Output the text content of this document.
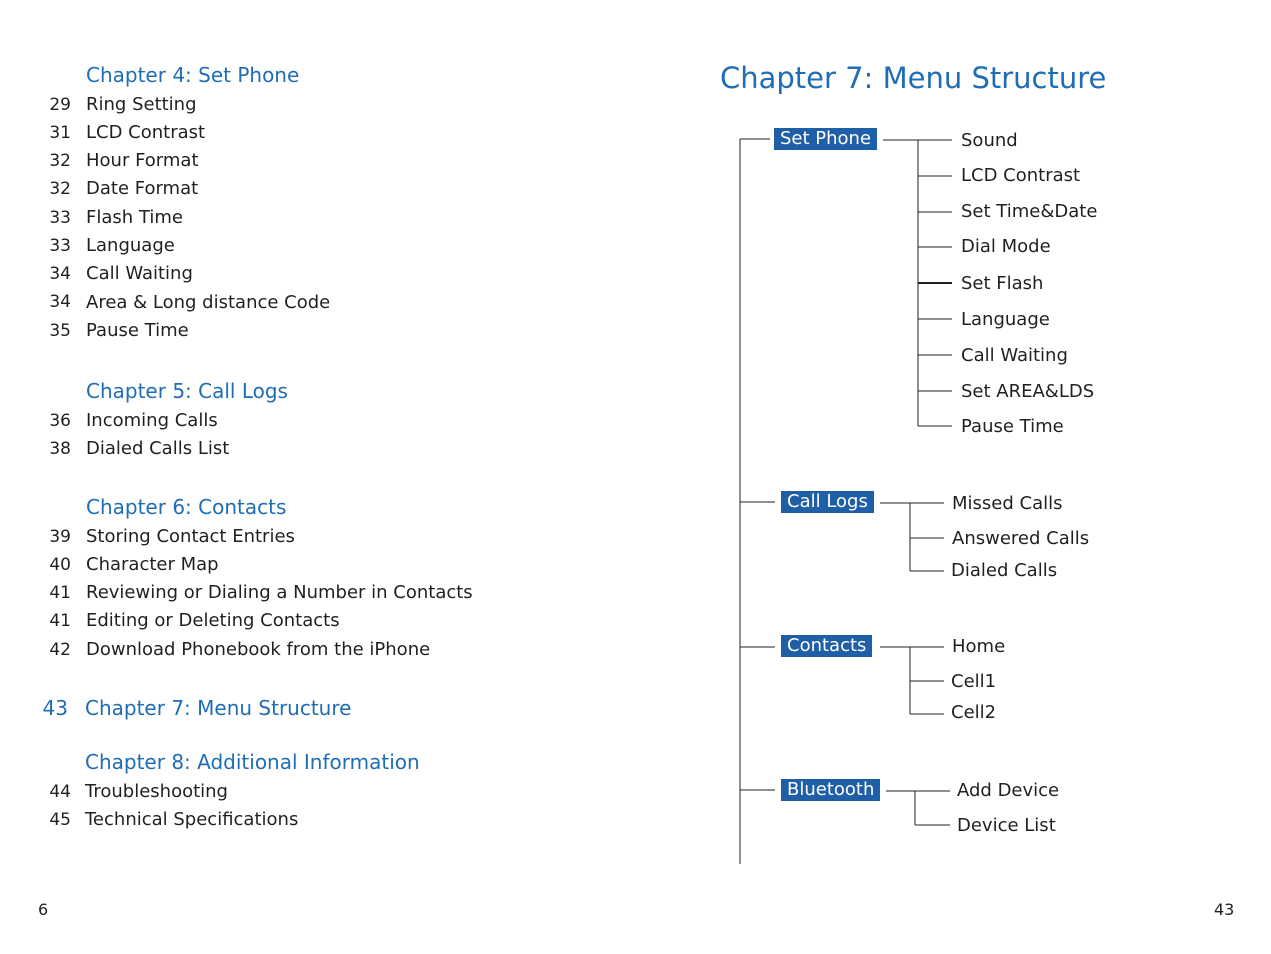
Chapter 4: Set Phone
29 Ring Setting
31 LCD Contrast
32 Hour Format
32 Date Format
33 Flash Time
33 Language
34 Call Waiting
34 Area & Long distance Code
35 Pause Time
Chapter 5: Call Logs
36 Incoming Calls
38 Dialed Calls List
Chapter 6: Contacts
39 Storing Contact Entries
40 Character Map
41 Reviewing or Dialing a Number in Contacts
41 Editing or Deleting Contacts
42 Download Phonebook from the iPhone
43 Chapter 7: Menu Structure
Chapter 8: Additional Information
44 Troubleshooting
45 Technical Specifications
6
Chapter 7: Menu Structure
Set Phone	Sound
LCD Contrast
Set Time&Date
Dial Mode
Set Flash
Language
Call Waiting
Set AREA&LDS
Pause Time
Call Logs	Missed Calls
Answered Calls
Dialed Calls
Contacts	Home
Cell1
Cell2
Bluetooth	Add Device
Device List
43
